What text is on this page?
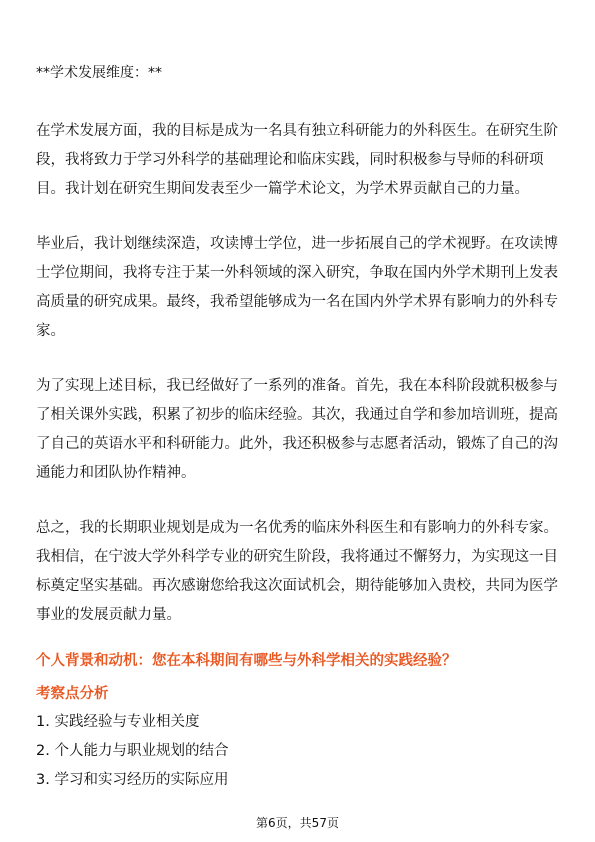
**学术发展维度：**

在学术发展方面，我的目标是成为一名具有独立科研能力的外科医生。在研究生阶
段，我将致力于学习外科学的基础理论和临床实践，同时积极参与导师的科研项
目。我计划在研究生期间发表至少一篇学术论文，为学术界贡献自己的力量。

毕业后，我计划继续深造，攻读博士学位，进一步拓展自己的学术视野。在攻读博
士学位期间，我将专注于某一外科领域的深入研究，争取在国内外学术期刊上发表
高质量的研究成果。最终，我希望能够成为一名在国内外学术界有影响力的外科专
家。

为了实现上述目标，我已经做好了一系列的准备。首先，我在本科阶段就积极参与
了相关课外实践，积累了初步的临床经验。其次，我通过自学和参加培训班，提高
了自己的英语水平和科研能力。此外，我还积极参与志愿者活动，锻炼了自己的沟
通能力和团队协作精神。

总之，我的长期职业规划是成为一名优秀的临床外科医生和有影响力的外科专家。
我相信，在宁波大学外科学专业的研究生阶段，我将通过不懈努力，为实现这一目
标奠定坚实基础。再次感谢您给我这次面试机会，期待能够加入贵校，共同为医学
事业的发展贡献力量。

个人背景和动机：您在本科期间有哪些与外科学相关的实践经验？
考察点分析
1. 实践经验与专业相关度
2. 个人能力与职业规划的结合
3. 学习和实习经历的实际应用
第6页，共57页
